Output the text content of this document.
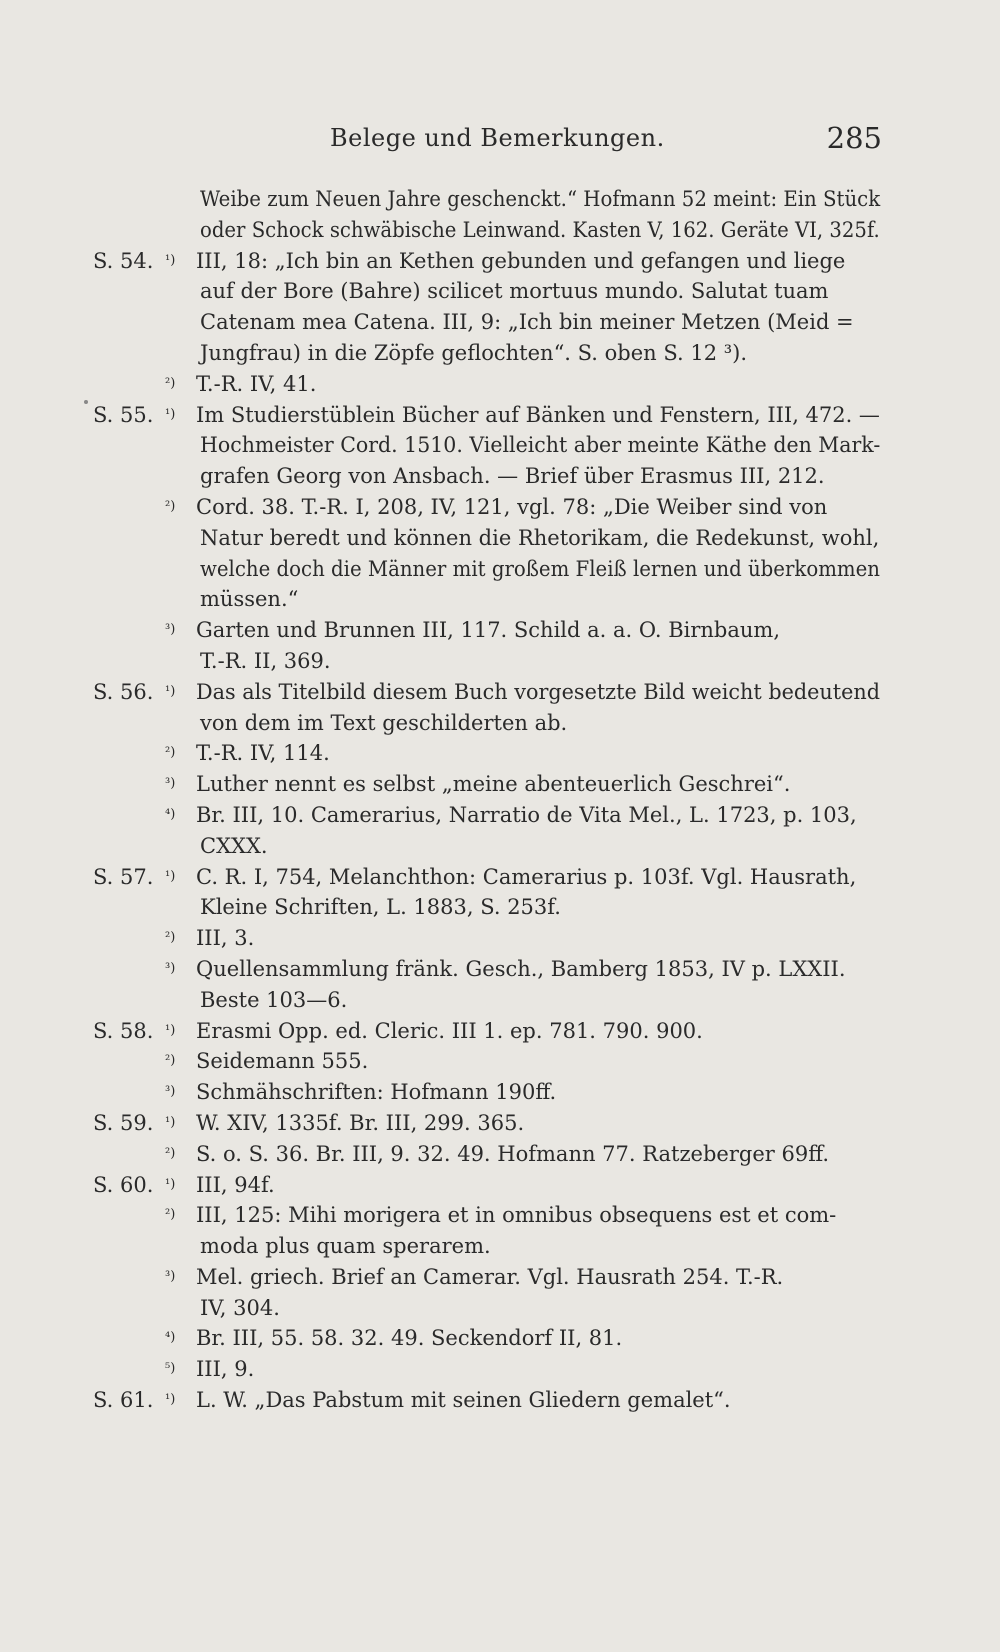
Belege und Bemerkungen.	285
Weibe zum Neuen Jahre geschenckt.“ Hofmann 52 meint: Ein Stück
oder Schock schwäbische Leinwand. Kasten V, 162. Geräte VI, 325f.
S. 54. ¹) III, 18: „Ich bin an Kethen gebunden und gefangen und liege
auf der Bore (Bahre) scilicet mortuus mundo. Salutat tuam
Catenam mea Catena. III, 9: „Ich bin meiner Metzen (Meid =
Jungfrau) in die Zöpfe geflochten“. S. oben S. 12 ³).
²) T.-R. IV, 41.
S. 55. ¹) Im Studierstüblein Bücher auf Bänken und Fenstern, III, 472. —
Hochmeister Cord. 1510. Vielleicht aber meinte Käthe den Mark-
grafen Georg von Ansbach. — Brief über Erasmus III, 212.
²) Cord. 38. T.-R. I, 208, IV, 121, vgl. 78: „Die Weiber sind von
Natur beredt und können die Rhetorikam, die Redekunst, wohl,
welche doch die Männer mit großem Fleiß lernen und überkommen
müssen.“
³) Garten und Brunnen III, 117. Schild a. a. O. Birnbaum,
T.-R. II, 369.
S. 56. ¹) Das als Titelbild diesem Buch vorgesetzte Bild weicht bedeutend
von dem im Text geschilderten ab.
²) T.-R. IV, 114.
³) Luther nennt es selbst „meine abenteuerlich Geschrei“.
⁴) Br. III, 10. Camerarius, Narratio de Vita Mel., L. 1723, p. 103,
CXXX.
S. 57. ¹) C. R. I, 754, Melanchthon: Camerarius p. 103f. Vgl. Hausrath,
Kleine Schriften, L. 1883, S. 253f.
²) III, 3.
³) Quellensammlung fränk. Gesch., Bamberg 1853, IV p. LXXII.
Beste 103—6.
S. 58. ¹) Erasmi Opp. ed. Cleric. III 1. ep. 781. 790. 900.
²) Seidemann 555.
³) Schmähschriften: Hofmann 190ff.
S. 59. ¹) W. XIV, 1335f. Br. III, 299. 365.
²) S. o. S. 36. Br. III, 9. 32. 49. Hofmann 77. Ratzeberger 69ff.
S. 60. ¹) III, 94f.
²) III, 125: Mihi morigera et in omnibus obsequens est et com-
moda plus quam sperarem.
³) Mel. griech. Brief an Camerar. Vgl. Hausrath 254. T.-R.
IV, 304.
⁴) Br. III, 55. 58. 32. 49. Seckendorf II, 81.
⁵) III, 9.
S. 61. ¹) L. W. „Das Pabstum mit seinen Gliedern gemalet“.
